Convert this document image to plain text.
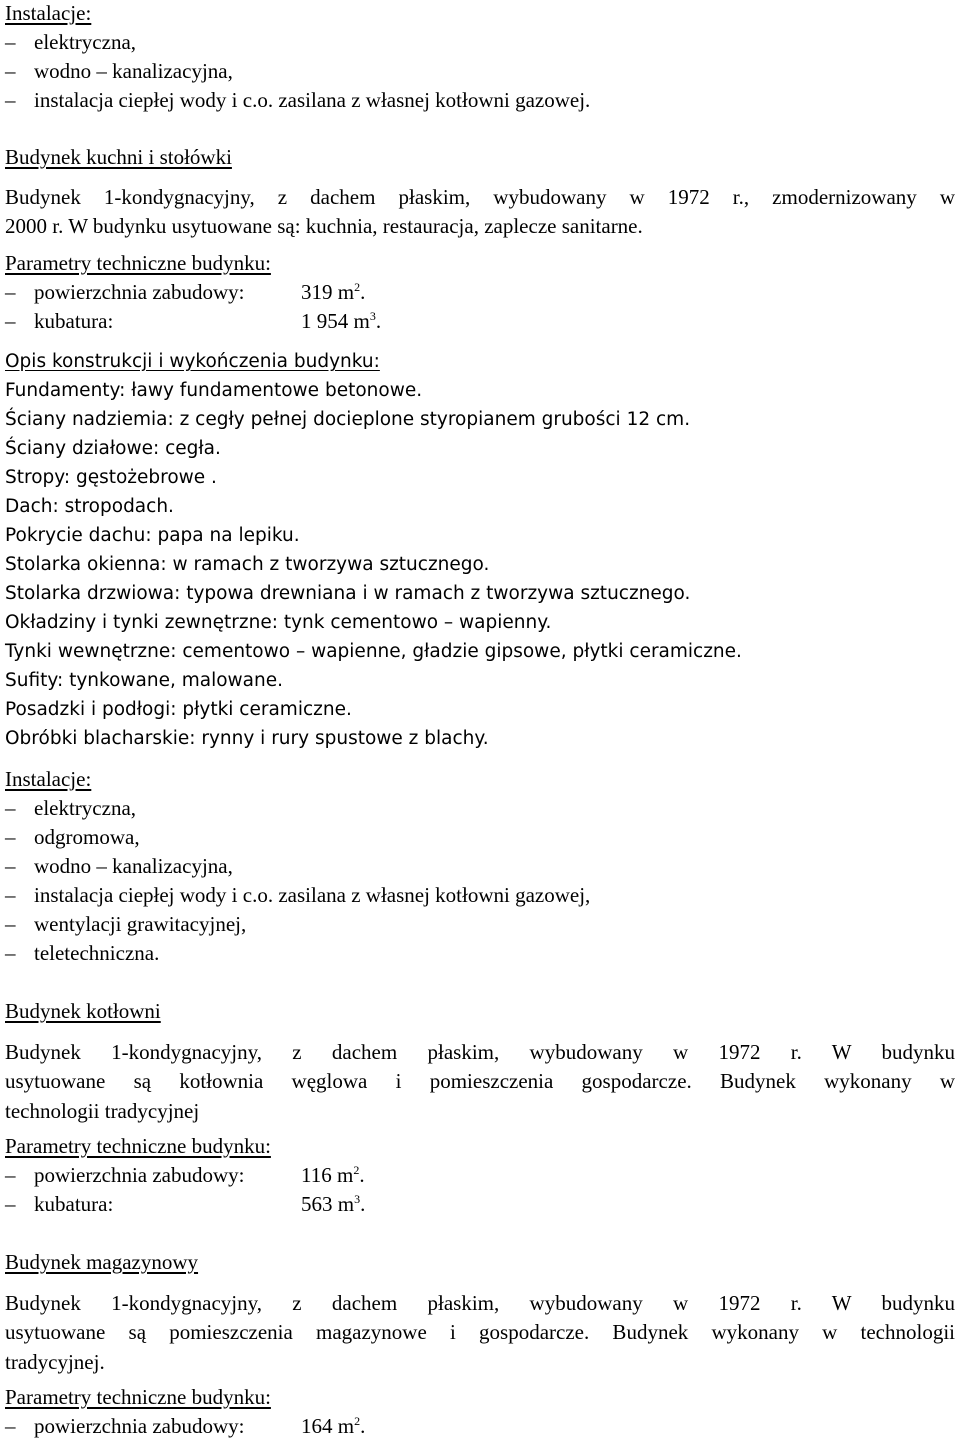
Instalacje:
– elektryczna,
– wodno – kanalizacyjna,
– instalacja ciepłej wody i c.o. zasilana z własnej kotłowni gazowej.
Budynek kuchni i stołówki
Budynek 1-kondygnacyjny, z dachem płaskim, wybudowany w 1972 r., zmodernizowany w
2000 r. W budynku usytuowane są: kuchnia, restauracja, zaplecze sanitarne.
Parametry techniczne budynku:
– powierzchnia zabudowy:	319 $m^2$.
– kubatura:	1 954 $m^3$.
Opis konstrukcji i wykończenia budynku:
Fundamenty: ławy fundamentowe betonowe.
Ściany nadziemia: z cegły pełnej docieplone styropianem grubości 12 cm.
Ściany działowe: cegła.
Stropy: gęstożebrowe .
Dach: stropodach.
Pokrycie dachu: papa na lepiku.
Stolarka okienna: w ramach z tworzywa sztucznego.
Stolarka drzwiowa: typowa drewniana i w ramach z tworzywa sztucznego.
Okładziny i tynki zewnętrzne: tynk cementowo – wapienny.
Tynki wewnętrzne: cementowo – wapienne, gładzie gipsowe, płytki ceramiczne.
Sufity: tynkowane, malowane.
Posadzki i podłogi: płytki ceramiczne.
Obróbki blacharskie: rynny i rury spustowe z blachy.
Instalacje:
– elektryczna,
– odgromowa,
– wodno – kanalizacyjna,
– instalacja ciepłej wody i c.o. zasilana z własnej kotłowni gazowej,
– wentylacji grawitacyjnej,
– teletechniczna.
Budynek kotłowni
Budynek 1-kondygnacyjny, z dachem płaskim, wybudowany w 1972 r. W budynku
usytuowane są kotłownia węglowa i pomieszczenia gospodarcze. Budynek wykonany w
technologii tradycyjnej
Parametry techniczne budynku:
– powierzchnia zabudowy:	116 $m^2$.
– kubatura:	563 $m^3$.
Budynek magazynowy
Budynek 1-kondygnacyjny, z dachem płaskim, wybudowany w 1972 r. W budynku
usytuowane są pomieszczenia magazynowe i gospodarcze. Budynek wykonany w technologii
tradycyjnej.
Parametry techniczne budynku:
– powierzchnia zabudowy:	164 $m^2$.
